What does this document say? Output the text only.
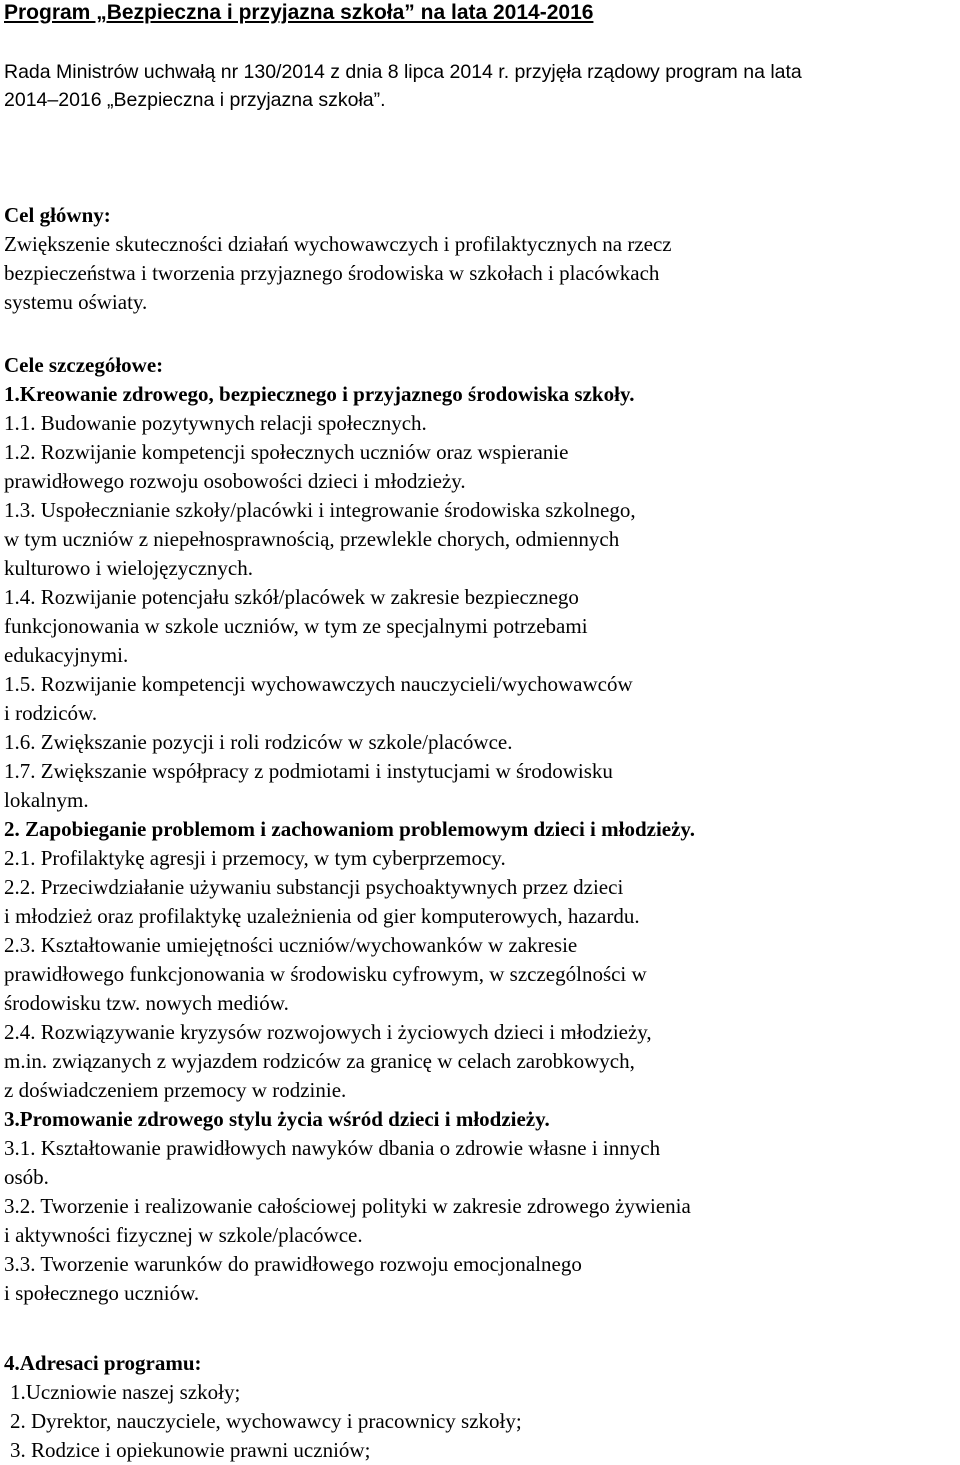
Program „Bezpieczna i przyjazna szkoła” na lata 2014-2016
Rada Ministrów uchwałą nr 130/2014 z dnia 8 lipca 2014 r. przyjęła rządowy program na lata
2014–2016 „Bezpieczna i przyjazna szkoła”.

Cel główny:

Zwiększenie skuteczności działań wychowawczych i profilaktycznych na rzecz
bezpieczeństwa i tworzenia przyjaznego środowiska w szkołach i placówkach
systemu oświaty.

Cele szczegółowe:

1.Kreowanie zdrowego, bezpiecznego i przyjaznego środowiska szkoły.
1.1. Budowanie pozytywnych relacji społecznych.
1.2. Rozwijanie kompetencji społecznych uczniów oraz wspieranie
prawidłowego rozwoju osobowości dzieci i młodzieży.
1.3. Uspołecznianie szkoły/placówki i integrowanie środowiska szkolnego,
w tym uczniów z niepełnosprawnością, przewlekle chorych, odmiennych
kulturowo i wielojęzycznych.
1.4. Rozwijanie potencjału szkół/placówek w zakresie bezpiecznego
funkcjonowania w szkole uczniów, w tym ze specjalnymi potrzebami
edukacyjnymi.
1.5. Rozwijanie kompetencji wychowawczych nauczycieli/wychowawców
i rodziców.
1.6. Zwiększanie pozycji i roli rodziców w szkole/placówce.
1.7. Zwiększanie współpracy z podmiotami i instytucjami w środowisku
lokalnym.
2. Zapobieganie problemom i zachowaniom problemowym dzieci i młodzieży.
2.1. Profilaktykę agresji i przemocy, w tym cyberprzemocy.
2.2. Przeciwdziałanie używaniu substancji psychoaktywnych przez dzieci
i młodzież oraz profilaktykę uzależnienia od gier komputerowych, hazardu.
2.3. Kształtowanie umiejętności uczniów/wychowanków w zakresie
prawidłowego funkcjonowania w środowisku cyfrowym, w szczególności w
środowisku tzw. nowych mediów.
2.4. Rozwiązywanie kryzysów rozwojowych i życiowych dzieci i młodzieży,
m.in. związanych z wyjazdem rodziców za granicę w celach zarobkowych,
z doświadczeniem przemocy w rodzinie.
3.Promowanie zdrowego stylu życia wśród dzieci i młodzieży.
3.1. Kształtowanie prawidłowych nawyków dbania o zdrowie własne i innych
osób.
3.2. Tworzenie i realizowanie całościowej polityki w zakresie zdrowego żywienia
i aktywności fizycznej w szkole/placówce.
3.3. Tworzenie warunków do prawidłowego rozwoju emocjonalnego
i społecznego uczniów.

4.Adresaci programu:

1.Uczniowie naszej szkoły;
2. Dyrektor, nauczyciele, wychowawcy i pracownicy szkoły;
3. Rodzice i opiekunowie prawni uczniów;
